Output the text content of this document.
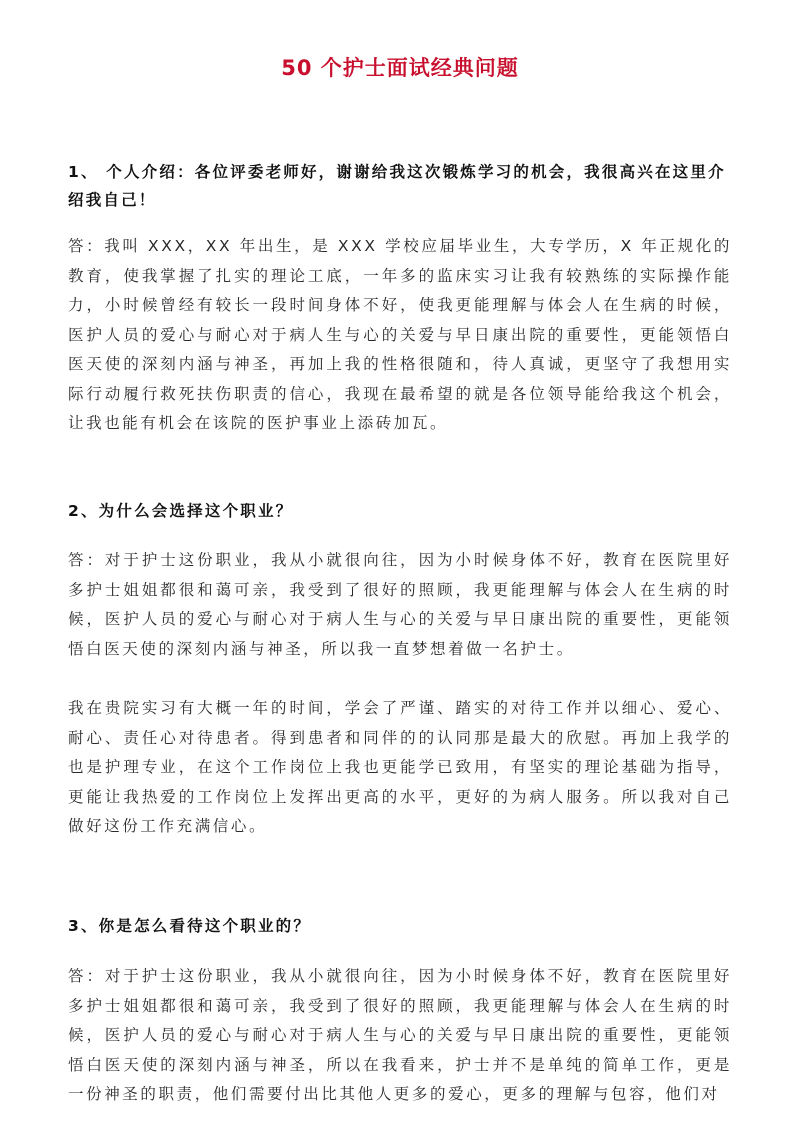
50 个护士面试经典问题
1、 个人介绍：各位评委老师好，谢谢给我这次锻炼学习的机会，我很高兴在这里介绍我自己！
答：我叫 XXX，XX 年出生，是 XXX 学校应届毕业生，大专学历，X 年正规化的教育，使我掌握了扎实的理论工底，一年多的监床实习让我有较熟练的实际操作能力，小时候曾经有较长一段时间身体不好，使我更能理解与体会人在生病的时候，医护人员的爱心与耐心对于病人生与心的关爱与早日康出院的重要性，更能领悟白医天使的深刻内涵与神圣，再加上我的性格很随和，待人真诚，更坚守了我想用实际行动履行救死扶伤职责的信心，我现在最希望的就是各位领导能给我这个机会，让我也能有机会在该院的医护事业上添砖加瓦。
2、为什么会选择这个职业？
答：对于护士这份职业，我从小就很向往，因为小时候身体不好，教育在医院里好多护士姐姐都很和蔼可亲，我受到了很好的照顾，我更能理解与体会人在生病的时候，医护人员的爱心与耐心对于病人生与心的关爱与早日康出院的重要性，更能领悟白医天使的深刻内涵与神圣，所以我一直梦想着做一名护士。
我在贵院实习有大概一年的时间，学会了严谨、踏实的对待工作并以细心、爱心、耐心、责任心对待患者。得到患者和同伴的的认同那是最大的欣慰。再加上我学的也是护理专业，在这个工作岗位上我也更能学已致用，有坚实的理论基础为指导，更能让我热爱的工作岗位上发挥出更高的水平，更好的为病人服务。所以我对自己做好这份工作充满信心。
3、你是怎么看待这个职业的？
答：对于护士这份职业，我从小就很向往，因为小时候身体不好，教育在医院里好多护士姐姐都很和蔼可亲，我受到了很好的照顾，我更能理解与体会人在生病的时候，医护人员的爱心与耐心对于病人生与心的关爱与早日康出院的重要性，更能领悟白医天使的深刻内涵与神圣，所以在我看来，护士并不是单纯的简单工作，更是一份神圣的职责，他们需要付出比其他人更多的爱心，更多的理解与包容，他们对
